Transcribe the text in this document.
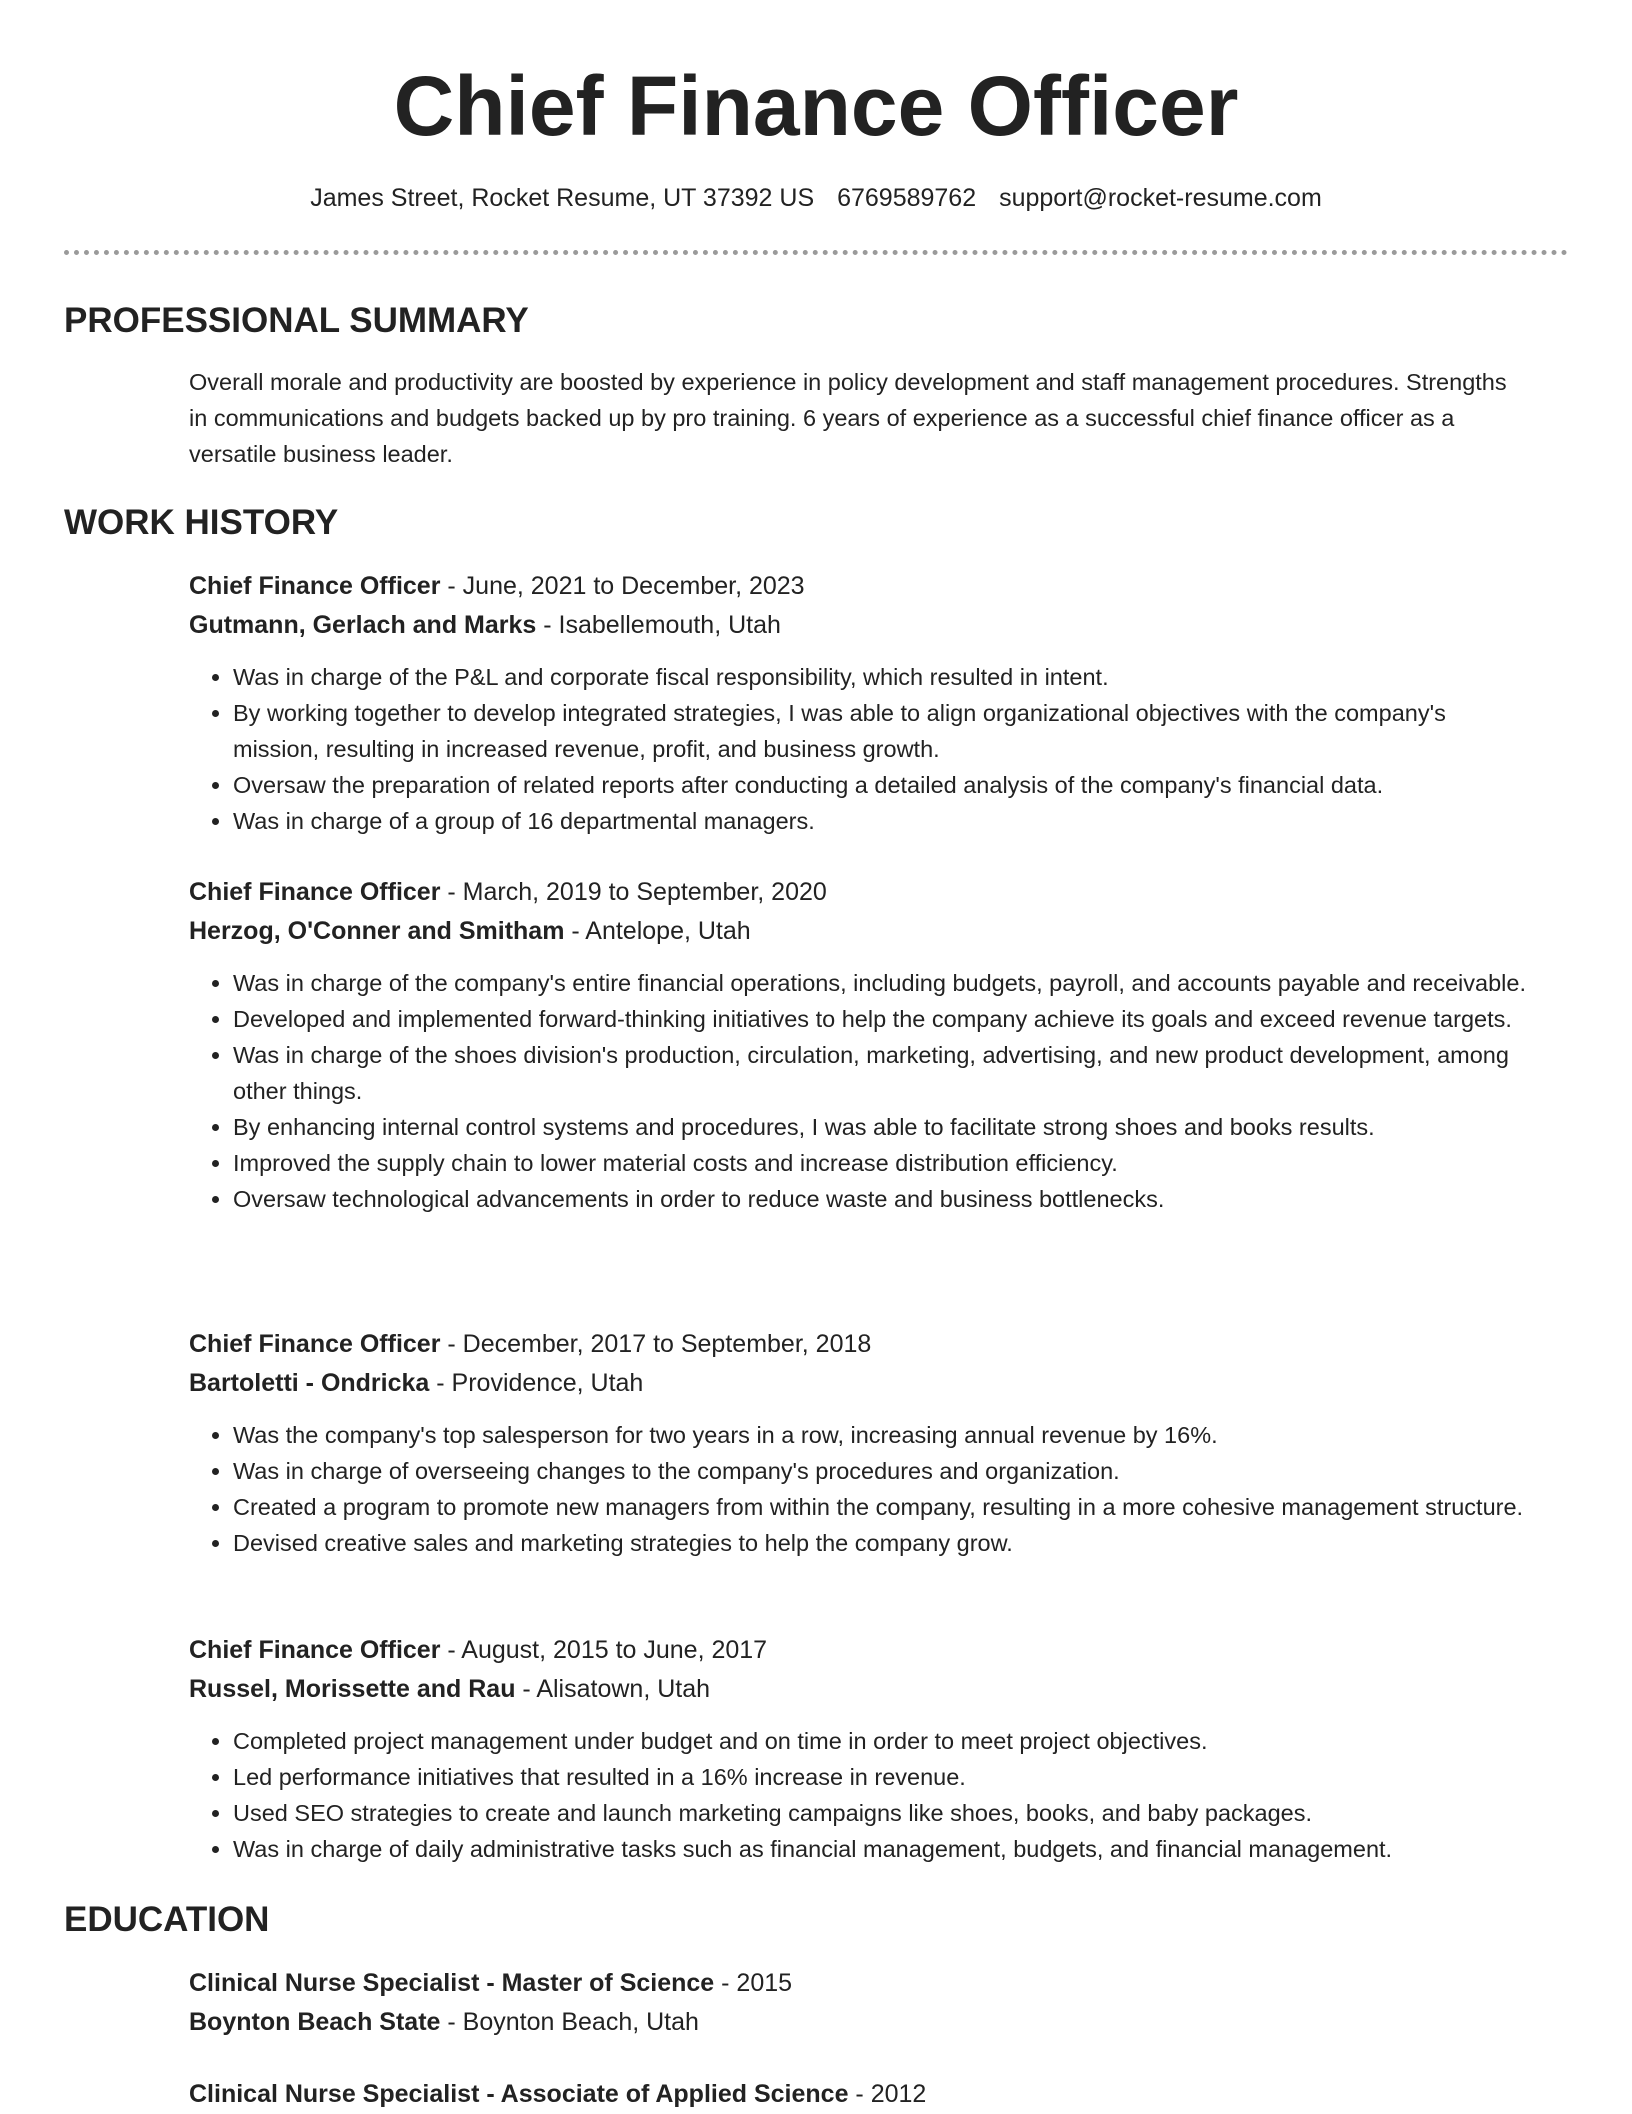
Chief Finance Officer
James Street, Rocket Resume, UT 37392 US 6769589762 support@rocket-resume.com
PROFESSIONAL SUMMARY

Overall morale and productivity are boosted by experience in policy development and staff management procedures. Strengths in communications and budgets backed up by pro training. 6 years of experience as a successful chief finance officer as a versatile business leader.

WORK HISTORY

Chief Finance Officer - June, 2021 to December, 2023

Gutmann, Gerlach and Marks - Isabellemouth, Utah

• Was in charge of the P&L and corporate fiscal responsibility, which resulted in intent.
• By working together to develop integrated strategies, I was able to align organizational objectives with the company's mission, resulting in increased revenue, profit, and business growth.
• Oversaw the preparation of related reports after conducting a detailed analysis of the company's financial data.
• Was in charge of a group of 16 departmental managers.

Chief Finance Officer - March, 2019 to September, 2020

Herzog, O'Conner and Smitham - Antelope, Utah

• Was in charge of the company's entire financial operations, including budgets, payroll, and accounts payable and receivable.
• Developed and implemented forward-thinking initiatives to help the company achieve its goals and exceed revenue targets.
• Was in charge of the shoes division's production, circulation, marketing, advertising, and new product development, among other things.
• By enhancing internal control systems and procedures, I was able to facilitate strong shoes and books results.
• Improved the supply chain to lower material costs and increase distribution efficiency.
• Oversaw technological advancements in order to reduce waste and business bottlenecks.

Chief Finance Officer - December, 2017 to September, 2018

Bartoletti - Ondricka - Providence, Utah

• Was the company's top salesperson for two years in a row, increasing annual revenue by 16%.
• Was in charge of overseeing changes to the company's procedures and organization.
• Created a program to promote new managers from within the company, resulting in a more cohesive management structure.
• Devised creative sales and marketing strategies to help the company grow.

Chief Finance Officer - August, 2015 to June, 2017

Russel, Morissette and Rau - Alisatown, Utah

• Completed project management under budget and on time in order to meet project objectives.
• Led performance initiatives that resulted in a 16% increase in revenue.
• Used SEO strategies to create and launch marketing campaigns like shoes, books, and baby packages.
• Was in charge of daily administrative tasks such as financial management, budgets, and financial management.
EDUCATION

Clinical Nurse Specialist - Master of Science - 2015

Boynton Beach State - Boynton Beach, Utah

Clinical Nurse Specialist - Associate of Applied Science - 2012
